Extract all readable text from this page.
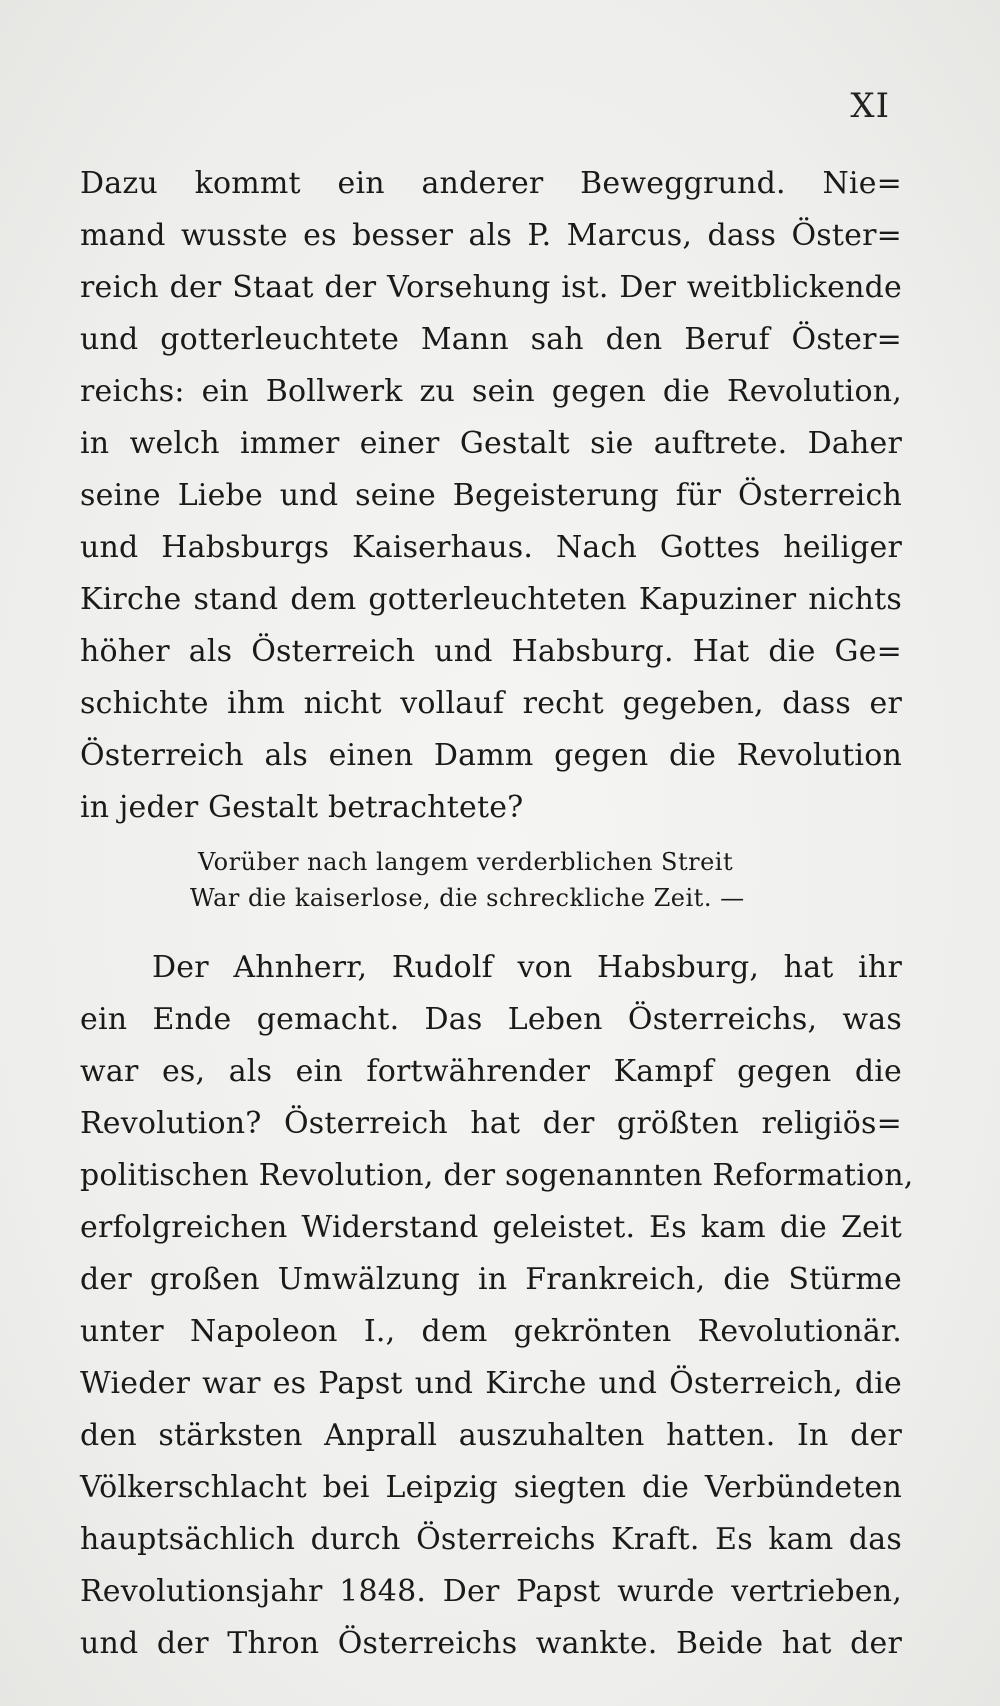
XI
Dazu kommt ein anderer Beweggrund. Nie=
mand wusste es besser als P. Marcus, dass Öster=
reich der Staat der Vorsehung ist. Der weitblickende
und gotterleuchtete Mann sah den Beruf Öster=
reichs: ein Bollwerk zu sein gegen die Revolution,
in welch immer einer Gestalt sie auftrete. Daher
seine Liebe und seine Begeisterung für Österreich
und Habsburgs Kaiserhaus. Nach Gottes heiliger
Kirche stand dem gotterleuchteten Kapuziner nichts
höher als Österreich und Habsburg. Hat die Ge=
schichte ihm nicht vollauf recht gegeben, dass er
Österreich als einen Damm gegen die Revolution
in jeder Gestalt betrachtete?
Vorüber nach langem verderblichen Streit
War die kaiserlose, die schreckliche Zeit. —
Der Ahnherr, Rudolf von Habsburg, hat ihr
ein Ende gemacht. Das Leben Österreichs, was
war es, als ein fortwährender Kampf gegen die
Revolution? Österreich hat der größten religiös=
politischen Revolution, der sogenannten Reformation,
erfolgreichen Widerstand geleistet. Es kam die Zeit
der großen Umwälzung in Frankreich, die Stürme
unter Napoleon I., dem gekrönten Revolutionär.
Wieder war es Papst und Kirche und Österreich, die
den stärksten Anprall auszuhalten hatten. In der
Völkerschlacht bei Leipzig siegten die Verbündeten
hauptsächlich durch Österreichs Kraft. Es kam das
Revolutionsjahr 1848. Der Papst wurde vertrieben,
und der Thron Österreichs wankte. Beide hat der
